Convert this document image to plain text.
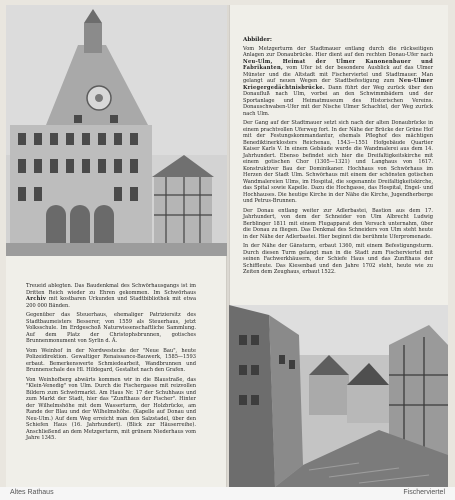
Abbilder:

Vom Metzgerturm der Stadtmauer entlang durch die rückseitigen Anlagen zur Donaubrücke. Hier dient auf den rechten Donau-Ufer nach Neu-Ulm, Heimat der Ulmer Kanonenbauer und Fabrikanten, vom Ufer ist der besondere Ausblick auf das Ulmer Münster und die Altstadt mit Fischerviertel und Stadtmauer. Man gelangt auf neuen Wegen der Stadtbefestigung zum Neu-Ulmer Kriegergedächtnisbrücke. Dann führt der Weg zurück über den Donaufluß nach Ulm, vorbei an den Schwimmbädern und der Sportanlage und Heimatmuseum des Historischen Vereins. Donauschwaben-Ufer mit der Nische Ulmer Schachtel, der Weg zurück nach Ulm.

Der Gang auf der Stadtmauer setzt sich nach der alten Donaubrücke in einem prachtvollen Uferweg fort. In der Nähe der Brücke der Grüne Hof mit der Festungskommandantur, ehemals Pfleghof des mächtigen Benediktinerklosters Reichenau, 1543—1551 Hofgebäude Quartier Kaiser Karls V. In einem Gebäude wurde die Wandmalerei aus dem 14. Jahrhundert. Ebenso befindet sich hier die Dreifaltigkeitskirche mit einem gotischen Chor (1305—1321) und Langhaus von 1617. Konstruktiver Bau der Dominikaner. Hochhaus von Schwörhaus im Herzen der Stadt Ulm. Schwörhaus mit einem der schönsten gotischen Wandmalereien Ulms, im Hospital, die sogenannte Dreifaltigkeitskirche, das Spital sowie Kapelle. Dazu die Hochgasse, das Hospital, Engel- und Hochhauses. Die heutige Kirche in der Nähe die Kirche, Jugendherberge und Petrus-Brunnen.

Der Donau entlang weiter zur Adlerbastei, Bastion aus dem 17. Jahrhundert, von dem der Schneider von Ulm Albrecht Ludwig Berblinger 1811 mit einem Flugapparat den Versuch unternahm, über die Donau zu fliegen. Das Denkmal des Schneiders von Ulm steht heute in der Nähe der Adlerbastei. Hier beginnt die berühmte Uferpromenade.

In der Nähe der Gänsturm, erbaut 1360, mit einem Befestigungsturm. Durch diesen Turm gelangt man in die Stadt zum Fischerviertel mit seinen Fachwerkhäusern, der Schiefe Haus und das Zunfthaus der Schiffleute. Das Kiesenbad und den Jahre 1702 steht, heute wie zu Zeiten dem Zeughaus, erbaut 1522.

Treueid ablegten. Das Baudenkmal des Schwörhausgangs ist im Dritten Reich wieder zu Ehren gekommen. Im Schwörhaus Archiv mit kostbaren Urkunden und Stadtbibliothek mit etwa 200 000 Bänden.

Gegenüber das Steuerhaus, ehemaliger Patriziersitz des Stadtbaumeisters Besserer, von 1559 als Steuerhaus, jetzt Volksschule. Im Erdgeschoß Naturwissenschaftliche Sammlung. Auf dem Platz der Christophsbrunnen, gotisches Brunnenmonument von Syrlin d. Ä.

Vom Weinhof in der Nordwestecke der "Neue Bau", heute Polizeidirektion. Gewaltiger Renaissance-Bauwerk, 1585—1593 erbaut. Bemerkenswerte Schmiedearbeit, Wandbrunnen und Brunnenschale des Hl. Hildegard, Gestaltet nach den Grafen.

Von Weinhofberg abwärts kommen wir in die Blaustraße, das "Klein-Venedig" von Ulm. Durch die Fischergasse mit reizvollen Bildern zum Schwörmarkt. Am Haus Nr. 17 der Schuhhaus und zum Markt der Stadt, hier das "Zunfthaus der Fischer". Hinter der Wilhelmshöhe mit dem Wasserturm, der Holzbrücke, am Rande der Blau und der Wilhelmshöhe. (Kapelle auf Donau und Neu-Ulm.) Auf dem Weg erreicht man den Salzstadel, über den Schiefen Haus (16. Jahrhundert). (Blick zur Häuserreihe). Anschließend an dem Metzgerturm, mit grünem Niederhaus vom Jahre 1345.

Altes Rathaus	Fischerviertel
